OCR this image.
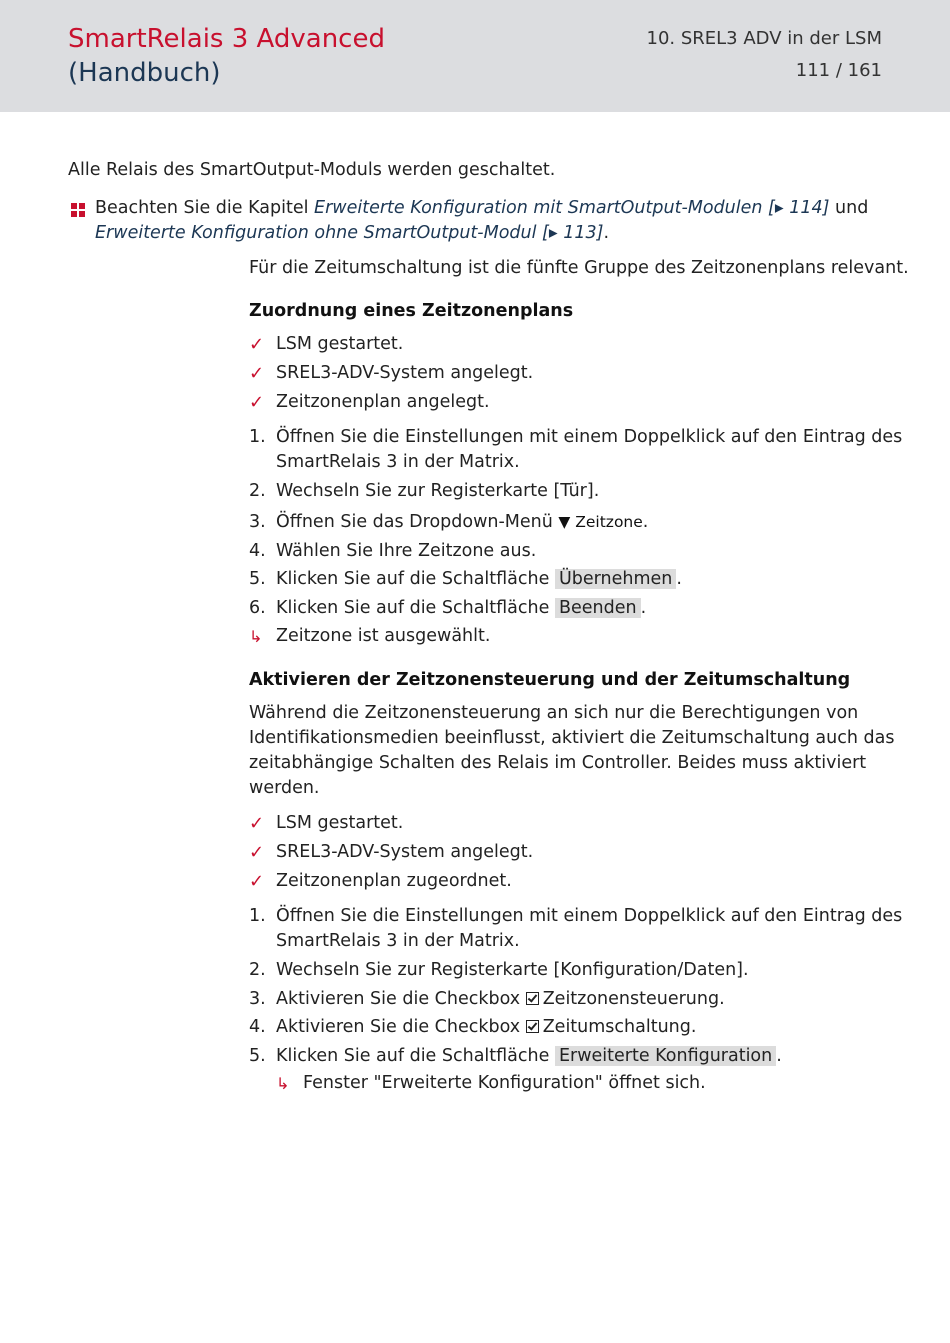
SmartRelais 3 Advanced
(Handbuch)
10. SREL3 ADV in der LSM
111 / 161
Alle Relais des SmartOutput-Moduls werden geschaltet.
Beachten Sie die Kapitel Erweiterte Konfiguration mit SmartOutput-Modulen [▸ 114] und
Erweiterte Konfiguration ohne SmartOutput-Modul [▸ 113].
Für die Zeitumschaltung ist die fünfte Gruppe des Zeitzonenplans relevant.
Zuordnung eines Zeitzonenplans
✓ LSM gestartet.
✓ SREL3-ADV-System angelegt.
✓ Zeitzonenplan angelegt.
1. Öffnen Sie die Einstellungen mit einem Doppelklick auf den Eintrag des
SmartRelais 3 in der Matrix.
2. Wechseln Sie zur Registerkarte [Tür].
3. Öffnen Sie das Dropdown-Menü ▼ Zeitzone.
4. Wählen Sie Ihre Zeitzone aus.
5. Klicken Sie auf die Schaltfläche Übernehmen .
6. Klicken Sie auf die Schaltfläche Beenden .
↳ Zeitzone ist ausgewählt.
Aktivieren der Zeitzonensteuerung und der Zeitumschaltung
Während die Zeitzonensteuerung an sich nur die Berechtigungen von
Identifikationsmedien beeinflusst, aktiviert die Zeitumschaltung auch das
zeitabhängige Schalten des Relais im Controller. Beides muss aktiviert
werden.
✓ LSM gestartet.
✓ SREL3-ADV-System angelegt.
✓ Zeitzonenplan zugeordnet.
1. Öffnen Sie die Einstellungen mit einem Doppelklick auf den Eintrag des
SmartRelais 3 in der Matrix.
2. Wechseln Sie zur Registerkarte [Konfiguration/Daten].
3. Aktivieren Sie die Checkbox Zeitzonensteuerung.
4. Aktivieren Sie die Checkbox Zeitumschaltung.
5. Klicken Sie auf die Schaltfläche Erweiterte Konfiguration .
↳ Fenster "Erweiterte Konfiguration" öffnet sich.
